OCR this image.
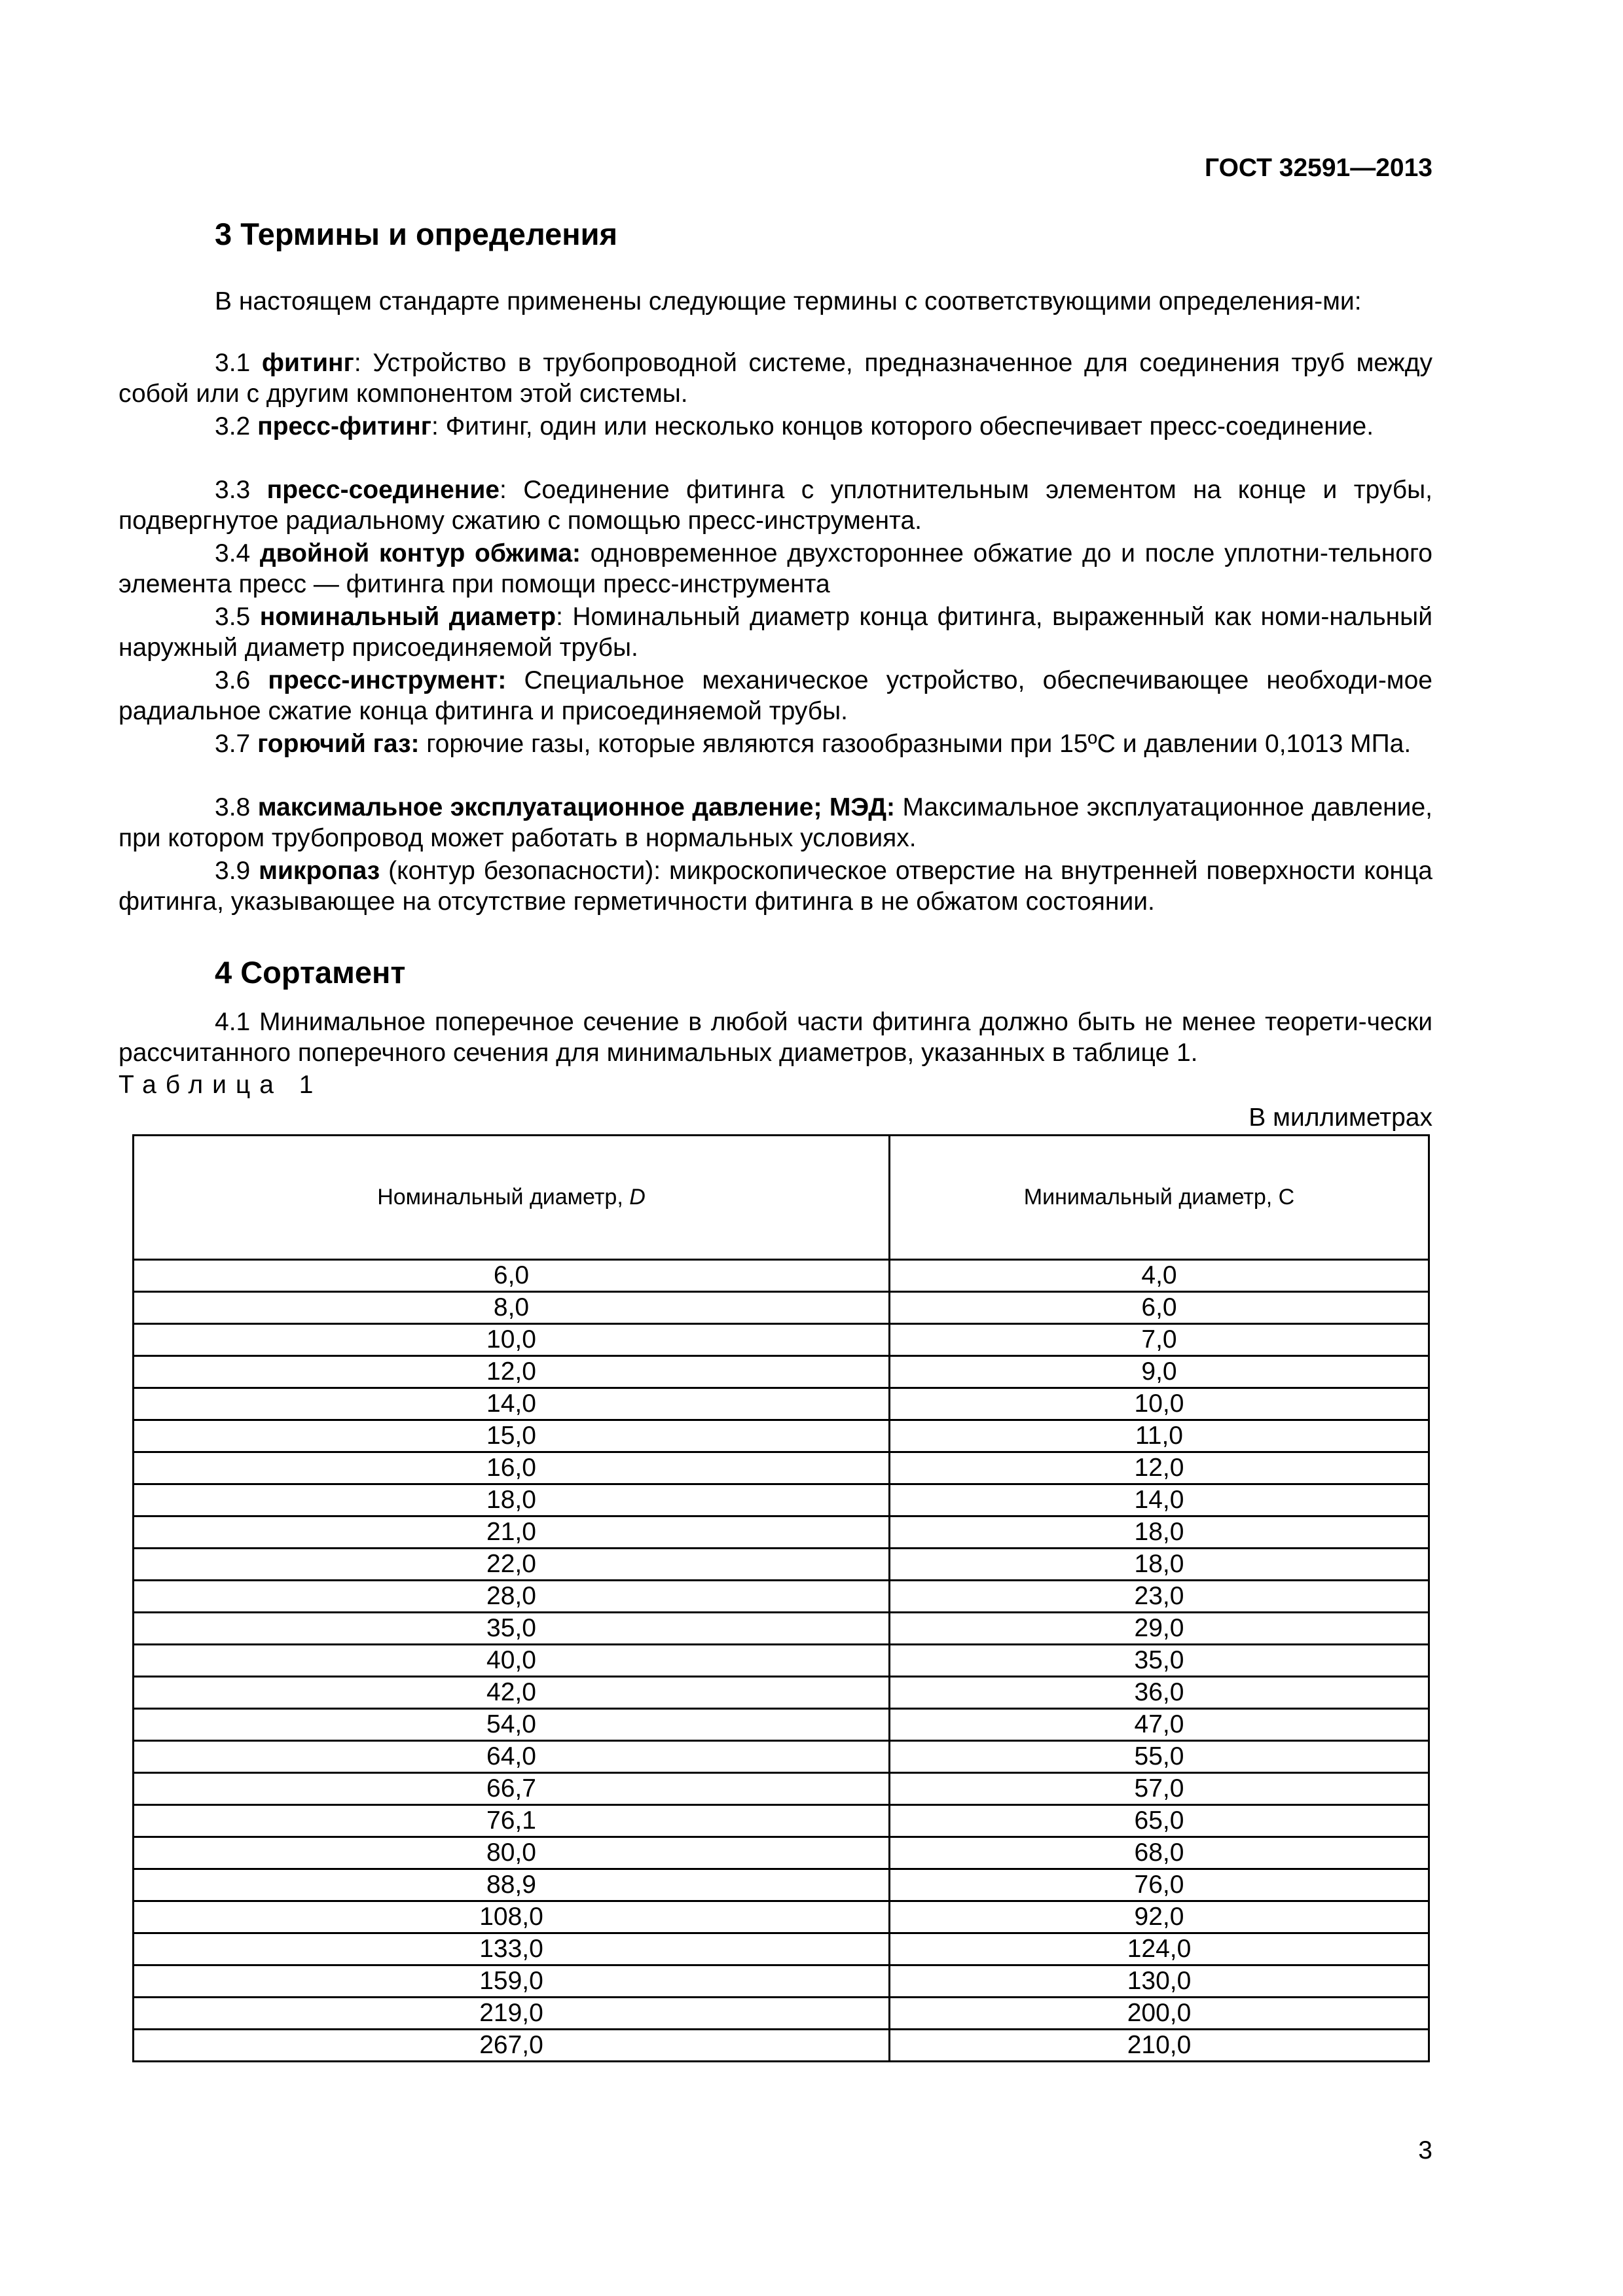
ГОСТ 32591—2013
3 Термины и определения

В настоящем стандарте применены следующие термины с соответствующими определения-ми:

3.1 фитинг: Устройство в трубопроводной системе, предназначенное для соединения труб между собой или с другим компонентом этой системы.

3.2 пресс-фитинг: Фитинг, один или несколько концов которого обеспечивает пресс-соединение.

3.3 пресс-соединение: Соединение фитинга с уплотнительным элементом на конце и трубы, подвергнутое радиальному сжатию с помощью пресс-инструмента.

3.4 двойной контур обжима: одновременное двухстороннее обжатие до и после уплотни-тельного элемента пресс — фитинга при помощи пресс-инструмента

3.5 номинальный диаметр: Номинальный диаметр конца фитинга, выраженный как номи-нальный наружный диаметр присоединяемой трубы.

3.6 пресс-инструмент: Специальное механическое устройство, обеспечивающее необходи-мое радиальное сжатие конца фитинга и присоединяемой трубы.

3.7 горючий газ: горючие газы, которые являются газообразными при 15ºС и давлении 0,1013 МПа.

3.8 максимальное эксплуатационное давление; МЭД: Максимальное эксплуатационное давление, при котором трубопровод может работать в нормальных условиях.

3.9 микропаз (контур безопасности): микроскопическое отверстие на внутренней поверхности конца фитинга, указывающее на отсутствие герметичности фитинга в не обжатом состоянии.

4 Сортамент

4.1 Минимальное поперечное сечение в любой части фитинга должно быть не менее теорети-чески рассчитанного поперечного сечения для минимальных диаметров, указанных в таблице 1.

Таблица 1
В миллиметрах
Номинальный диаметр, D	Минимальный диаметр, С
6,0	4,0
8,0	6,0
10,0	7,0
12,0	9,0
14,0	10,0
15,0	11,0
16,0	12,0
18,0	14,0
21,0	18,0
22,0	18,0
28,0	23,0
35,0	29,0
40,0	35,0
42,0	36,0
54,0	47,0
64,0	55,0
66,7	57,0
76,1	65,0
80,0	68,0
88,9	76,0
108,0	92,0
133,0	124,0
159,0	130,0
219,0	200,0
267,0	210,0
3
